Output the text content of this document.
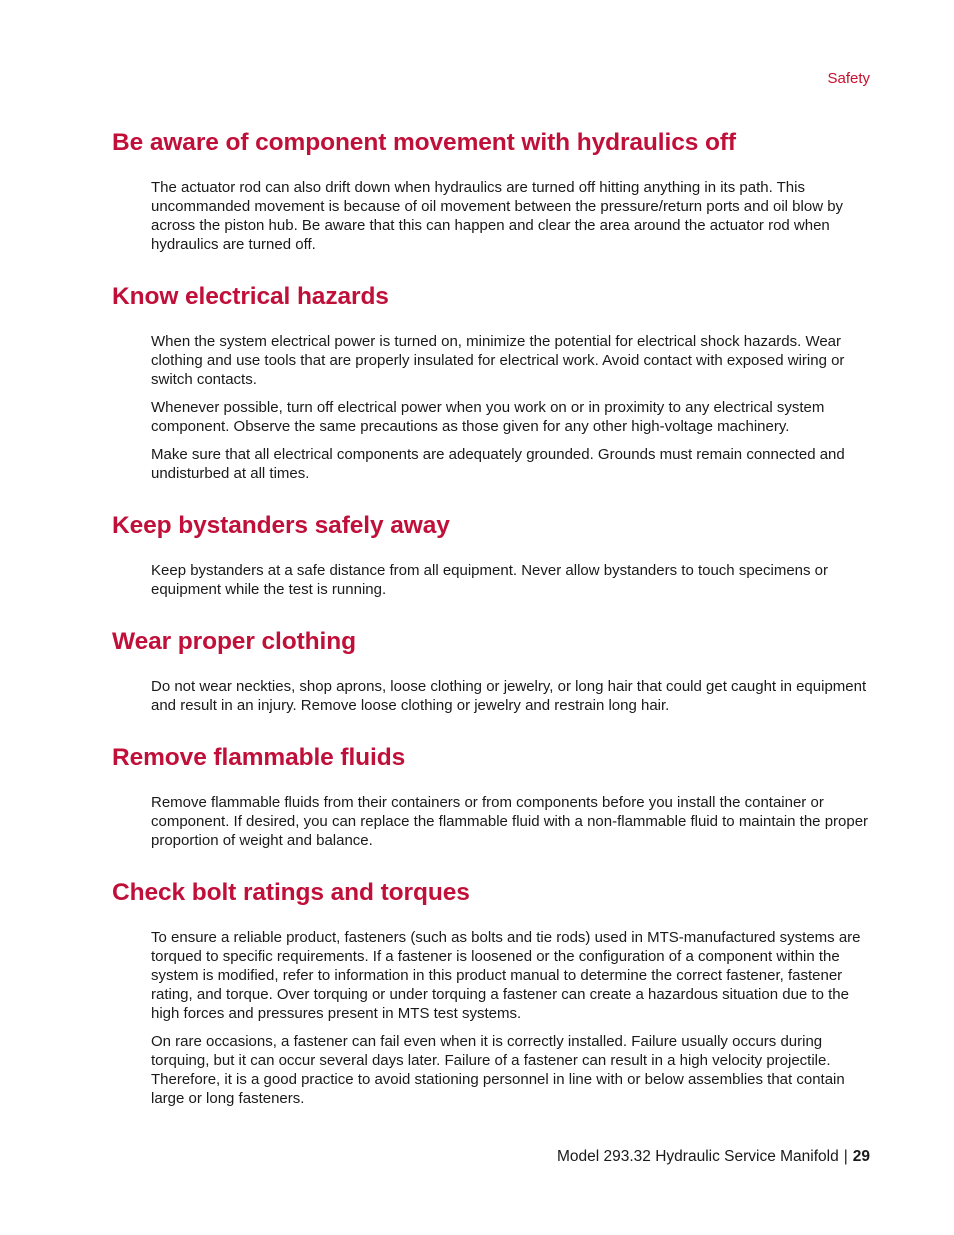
Safety
Be aware of component movement with hydraulics off

The actuator rod can also drift down when hydraulics are turned off hitting anything in its path. This uncommanded movement is because of oil movement between the pressure/return ports and oil blow by across the piston hub. Be aware that this can happen and clear the area around the actuator rod when hydraulics are turned off.

Know electrical hazards

When the system electrical power is turned on, minimize the potential for electrical shock hazards. Wear clothing and use tools that are properly insulated for electrical work. Avoid contact with exposed wiring or switch contacts.

Whenever possible, turn off electrical power when you work on or in proximity to any electrical system component. Observe the same precautions as those given for any other high-voltage machinery.

Make sure that all electrical components are adequately grounded. Grounds must remain connected and undisturbed at all times.

Keep bystanders safely away

Keep bystanders at a safe distance from all equipment. Never allow bystanders to touch specimens or equipment while the test is running.

Wear proper clothing

Do not wear neckties, shop aprons, loose clothing or jewelry, or long hair that could get caught in equipment and result in an injury. Remove loose clothing or jewelry and restrain long hair.

Remove flammable fluids

Remove flammable fluids from their containers or from components before you install the container or component. If desired, you can replace the flammable fluid with a non-flammable fluid to maintain the proper proportion of weight and balance.

Check bolt ratings and torques

To ensure a reliable product, fasteners (such as bolts and tie rods) used in MTS-manufactured systems are torqued to specific requirements. If a fastener is loosened or the configuration of a component within the system is modified, refer to information in this product manual to determine the correct fastener, fastener rating, and torque. Over torquing or under torquing a fastener can create a hazardous situation due to the high forces and pressures present in MTS test systems.

On rare occasions, a fastener can fail even when it is correctly installed. Failure usually occurs during torquing, but it can occur several days later. Failure of a fastener can result in a high velocity projectile. Therefore, it is a good practice to avoid stationing personnel in line with or below assemblies that contain large or long fasteners.

Model 293.32 Hydraulic Service Manifold | 29
